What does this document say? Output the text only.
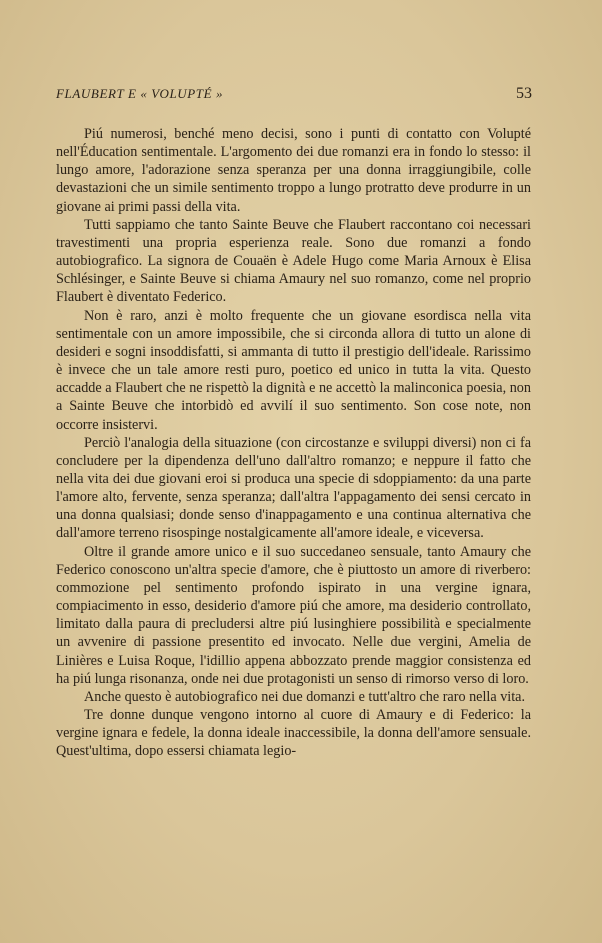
FLAUBERT E « VOLUPTÉ »	53

Piú numerosi, benché meno decisi, sono i punti di contatto con Volupté nell'Éducation sentimentale. L'argomento dei due romanzi era in fondo lo stesso: il lungo amore, l'adorazione senza speranza per una donna irraggiungibile, colle devastazioni che un simile sentimento troppo a lungo protratto deve produrre in un giovane ai primi passi della vita.

Tutti sappiamo che tanto Sainte Beuve che Flaubert raccontano coi necessari travestimenti una propria esperienza reale. Sono due romanzi a fondo autobiografico. La signora de Couaën è Adele Hugo come Maria Arnoux è Elisa Schlésinger, e Sainte Beuve si chiama Amaury nel suo romanzo, come nel proprio Flaubert è diventato Federico.

Non è raro, anzi è molto frequente che un giovane esordisca nella vita sentimentale con un amore impossibile, che si circonda allora di tutto un alone di desideri e sogni insoddisfatti, si ammanta di tutto il prestigio dell'ideale. Rarissimo è invece che un tale amore resti puro, poetico ed unico in tutta la vita. Questo accadde a Flaubert che ne rispettò la dignità e ne accettò la malinconica poesia, non a Sainte Beuve che intorbidò ed avvilí il suo sentimento. Son cose note, non occorre insistervi.

Perciò l'analogia della situazione (con circostanze e sviluppi diversi) non ci fa concludere per la dipendenza dell'uno dall'altro romanzo; e neppure il fatto che nella vita dei due giovani eroi si produca una specie di sdoppiamento: da una parte l'amore alto, fervente, senza speranza; dall'altra l'appagamento dei sensi cercato in una donna qualsiasi; donde senso d'inappagamento e una continua alternativa che dall'amore terreno risospinge nostalgicamente all'amore ideale, e viceversa.

Oltre il grande amore unico e il suo succedaneo sensuale, tanto Amaury che Federico conoscono un'altra specie d'amore, che è piuttosto un amore di riverbero: commozione pel sentimento profondo ispirato in una vergine ignara, compiacimento in esso, desiderio d'amore piú che amore, ma desiderio controllato, limitato dalla paura di precludersi altre piú lusinghiere possibilità e specialmente un avvenire di passione presentito ed invocato. Nelle due vergini, Amelia de Linières e Luisa Roque, l'idillio appena abbozzato prende maggior consistenza ed ha piú lunga risonanza, onde nei due protagonisti un senso di rimorso verso di loro.

Anche questo è autobiografico nei due domanzi e tutt'altro che raro nella vita.

Tre donne dunque vengono intorno al cuore di Amaury e di Federico: la vergine ignara e fedele, la donna ideale inaccessibile, la donna dell'amore sensuale. Quest'ultima, dopo essersi chiamata legio-
